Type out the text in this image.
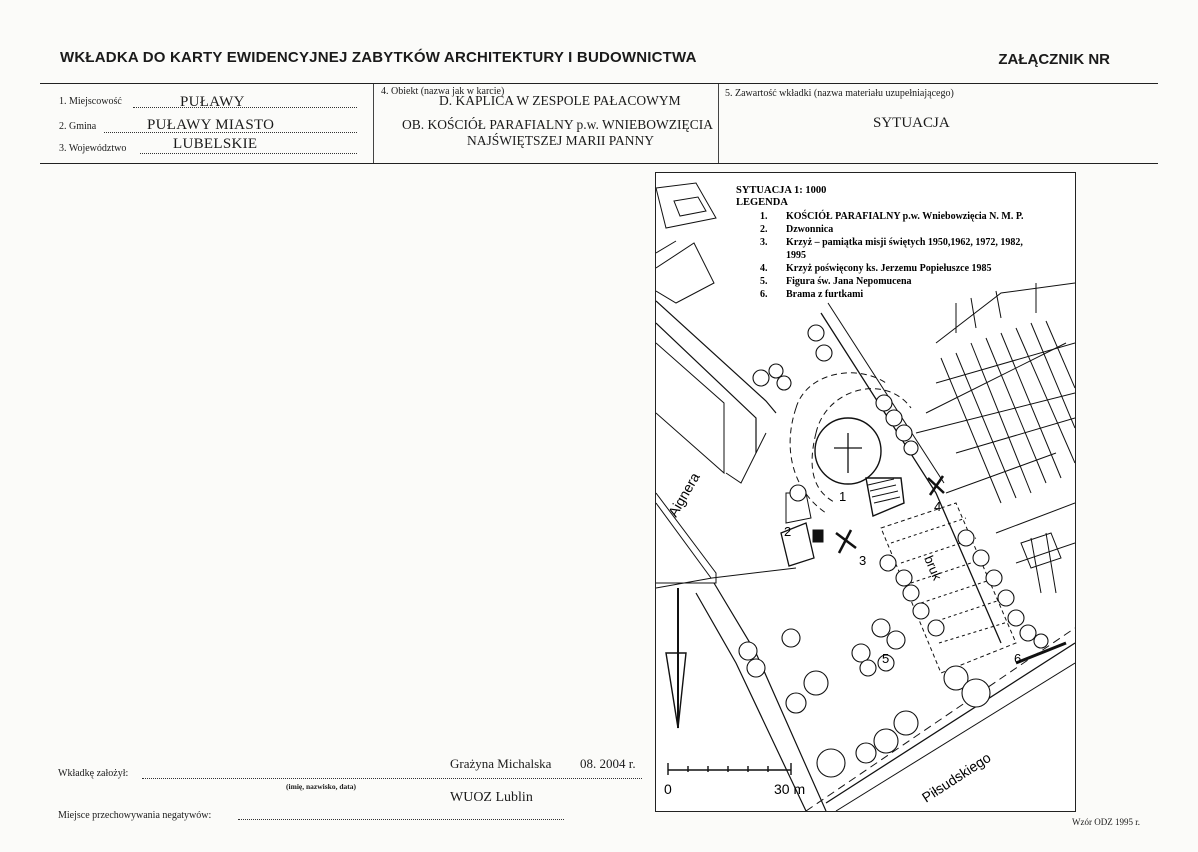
WKŁADKA DO KARTY EWIDENCYJNEJ ZABYTKÓW ARCHITEKTURY I BUDOWNICTWA	ZAŁĄCZNIK NR
1. Miejscowość	PUŁAWY
2. Gmina	PUŁAWY MIASTO
3. Województwo	LUBELSKIE
4. Obiekt (nazwa jak w karcie)
D. KAPLICA W ZESPOLE PAŁACOWYM
OB. KOŚCIÓŁ PARAFIALNY p.w. WNIEBOWZIĘCIA
NAJŚWIĘTSZEJ MARII PANNY
5. Zawartość wkładki (nazwa materiału uzupełniającego)
SYTUACJA
SYTUACJA 1: 1000
LEGENDA
1. KOŚCIÓŁ PARAFIALNY p.w. Wniebowzięcia N. M. P.
2. Dzwonnica
3. Krzyż – pamiątka misji świętych 1950,1962, 1972, 1982,
1995
4. Krzyż poświęcony ks. Jerzemu Popiełuszce 1985
5. Figura św. Jana Nepomucena
6. Brama z furtkami
Aignera
Piłsudskiego
bruk
1
2
3
4
5	6
0	30 m
Grażyna Michalska 08. 2004 r.
Wkładkę założył:
(imię, nazwisko, data)
WUOZ Lublin
Miejsce przechowywania negatywów:
Wzór ODZ 1995 r.
